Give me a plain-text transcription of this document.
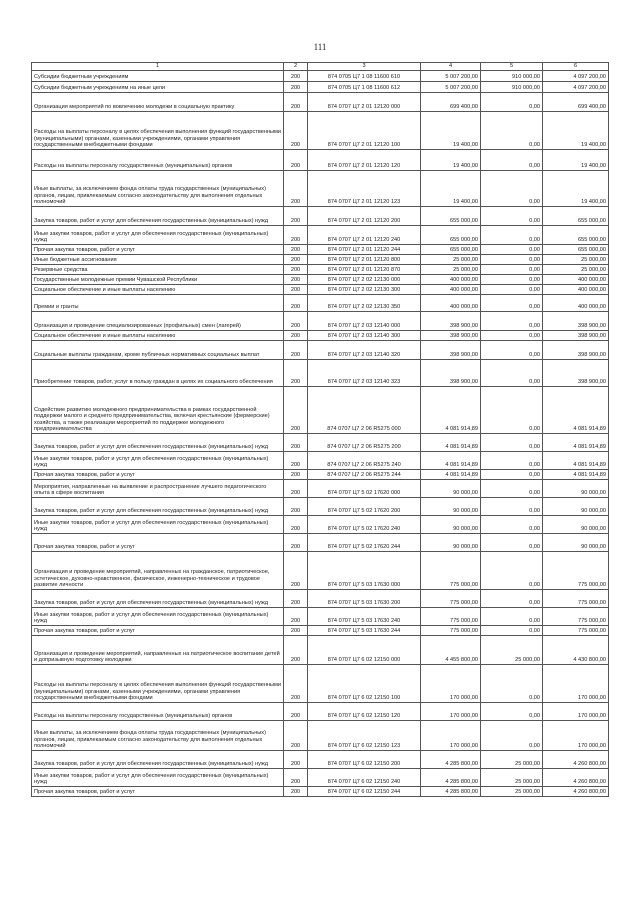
111
1	2	3	4	5	6
Субсидии бюджетным учреждениям	200	874 0705 Ц7 1 08 11600 610	5 007 200,00	910 000,00	4 097 200,00
Субсидии бюджетным учреждениям на иные цели	200	874 0705 Ц7 1 08 11600 612	5 007 200,00	910 000,00	4 097 200,00
Организация мероприятий по вовлечению молодежи в социальную практику	200	874 0707 Ц7 2 01 12120 000	699 400,00	0,00	699 400,00
Расходы на выплаты персоналу в целях обеспечения выполнения функций государственными (муниципальными) органами, казенными учреждениями, органами управления государственными внебюджетными фондами	200	874 0707 Ц7 2 01 12120 100	19 400,00	0,00	19 400,00
Расходы на выплаты персоналу государственных (муниципальных) органов	200	874 0707 Ц7 2 01 12120 120	19 400,00	0,00	19 400,00
Иные выплаты, за исключением фонда оплаты труда государственных (муниципальных) органов, лицам, привлекаемым согласно законодательству для выполнения отдельных полномочий	200	874 0707 Ц7 2 01 12120 123	19 400,00	0,00	19 400,00
Закупка товаров, работ и услуг для обеспечения государственных (муниципальных) нужд	200	874 0707 Ц7 2 01 12120 200	655 000,00	0,00	655 000,00
Иные закупки товаров, работ и услуг для обеспечения государственных (муниципальных) нужд	200	874 0707 Ц7 2 01 12120 240	655 000,00	0,00	655 000,00
Прочая закупка товаров, работ и услуг	200	874 0707 Ц7 2 01 12120 244	655 000,00	0,00	655 000,00
Иные бюджетные ассигнования	200	874 0707 Ц7 2 01 12120 800	25 000,00	0,00	25 000,00
Резервные средства	200	874 0707 Ц7 2 01 12120 870	25 000,00	0,00	25 000,00
Государственные молодежные премии Чувашской Республики	200	874 0707 Ц7 2 02 12130 000	400 000,00	0,00	400 000,00
Социальное обеспечение и иные выплаты населению	200	874 0707 Ц7 2 02 12130 300	400 000,00	0,00	400 000,00
Премии и гранты	200	874 0707 Ц7 2 02 12130 350	400 000,00	0,00	400 000,00
Организация и проведение специализированных (профильных) смен (лагерей)	200	874 0707 Ц7 2 03 12140 000	398 900,00	0,00	398 900,00
Социальное обеспечение и иные выплаты населению	200	874 0707 Ц7 2 03 12140 300	398 900,00	0,00	398 900,00
Социальные выплаты гражданам, кроме публичных нормативных социальных выплат	200	874 0707 Ц7 2 03 12140 320	398 900,00	0,00	398 900,00
Приобретение товаров, работ, услуг в пользу граждан в целях их социального обеспечения	200	874 0707 Ц7 2 03 12140 323	398 900,00	0,00	398 900,00
Содействие развитию молодежного предпринимательства в рамках государственной поддержки малого и среднего предпринимательства, включая крестьянские (фермерские) хозяйства, а также реализации мероприятий по поддержке молодежного предпринимательства	200	874 0707 Ц7 2 06 R5275 000	4 081 914,89	0,00	4 081 914,89
Закупка товаров, работ и услуг для обеспечения государственных (муниципальных) нужд	200	874 0707 Ц7 2 06 R5275 200	4 081 914,89	0,00	4 081 914,89
Иные закупки товаров, работ и услуг для обеспечения государственных (муниципальных) нужд	200	874 0707 Ц7 2 06 R5275 240	4 081 914,89	0,00	4 081 914,89
Прочая закупка товаров, работ и услуг	200	874 0707 Ц7 2 06 R5275 244	4 081 914,89	0,00	4 081 914,89
Мероприятия, направленные на выявление и распространение лучшего педагогического опыта в сфере воспитания	200	874 0707 Ц7 5 02 17620 000	90 000,00	0,00	90 000,00
Закупка товаров, работ и услуг для обеспечения государственных (муниципальных) нужд	200	874 0707 Ц7 5 02 17620 200	90 000,00	0,00	90 000,00
Иные закупки товаров, работ и услуг для обеспечения государственных (муниципальных) нужд	200	874 0707 Ц7 5 02 17620 240	90 000,00	0,00	90 000,00
Прочая закупка товаров, работ и услуг	200	874 0707 Ц7 5 02 17620 244	90 000,00	0,00	90 000,00
Организация и проведение мероприятий, направленных на гражданское, патриотическое, эстетическое, духовно-нравственное, физическое, инженерно-техническое и трудовое развитие личности	200	874 0707 Ц7 5 03 17630 000	775 000,00	0,00	775 000,00
Закупка товаров, работ и услуг для обеспечения государственных (муниципальных) нужд	200	874 0707 Ц7 5 03 17630 200	775 000,00	0,00	775 000,00
Иные закупки товаров, работ и услуг для обеспечения государственных (муниципальных) нужд	200	874 0707 Ц7 5 03 17630 240	775 000,00	0,00	775 000,00
Прочая закупка товаров, работ и услуг	200	874 0707 Ц7 5 03 17630 244	775 000,00	0,00	775 000,00
Организация и проведение мероприятий, направленных на патриотическое воспитание детей и допризывную подготовку молодежи	200	874 0707 Ц7 6 02 12150 000	4 455 800,00	25 000,00	4 430 800,00
Расходы на выплаты персоналу в целях обеспечения выполнения функций государственными (муниципальными) органами, казенными учреждениями, органами управления государственными внебюджетными фондами	200	874 0707 Ц7 6 02 12150 100	170 000,00	0,00	170 000,00
Расходы на выплаты персоналу государственных (муниципальных) органов	200	874 0707 Ц7 6 02 12150 120	170 000,00	0,00	170 000,00
Иные выплаты, за исключением фонда оплаты труда государственных (муниципальных) органов, лицам, привлекаемым согласно законодательству для выполнения отдельных полномочий	200	874 0707 Ц7 6 02 12150 123	170 000,00	0,00	170 000,00
Закупка товаров, работ и услуг для обеспечения государственных (муниципальных) нужд	200	874 0707 Ц7 6 02 12150 200	4 285 800,00	25 000,00	4 260 800,00
Иные закупки товаров, работ и услуг для обеспечения государственных (муниципальных) нужд	200	874 0707 Ц7 6 02 12150 240	4 285 800,00	25 000,00	4 260 800,00
Прочая закупка товаров, работ и услуг	200	874 0707 Ц7 6 02 12150 244	4 285 800,00	25 000,00	4 260 800,00
